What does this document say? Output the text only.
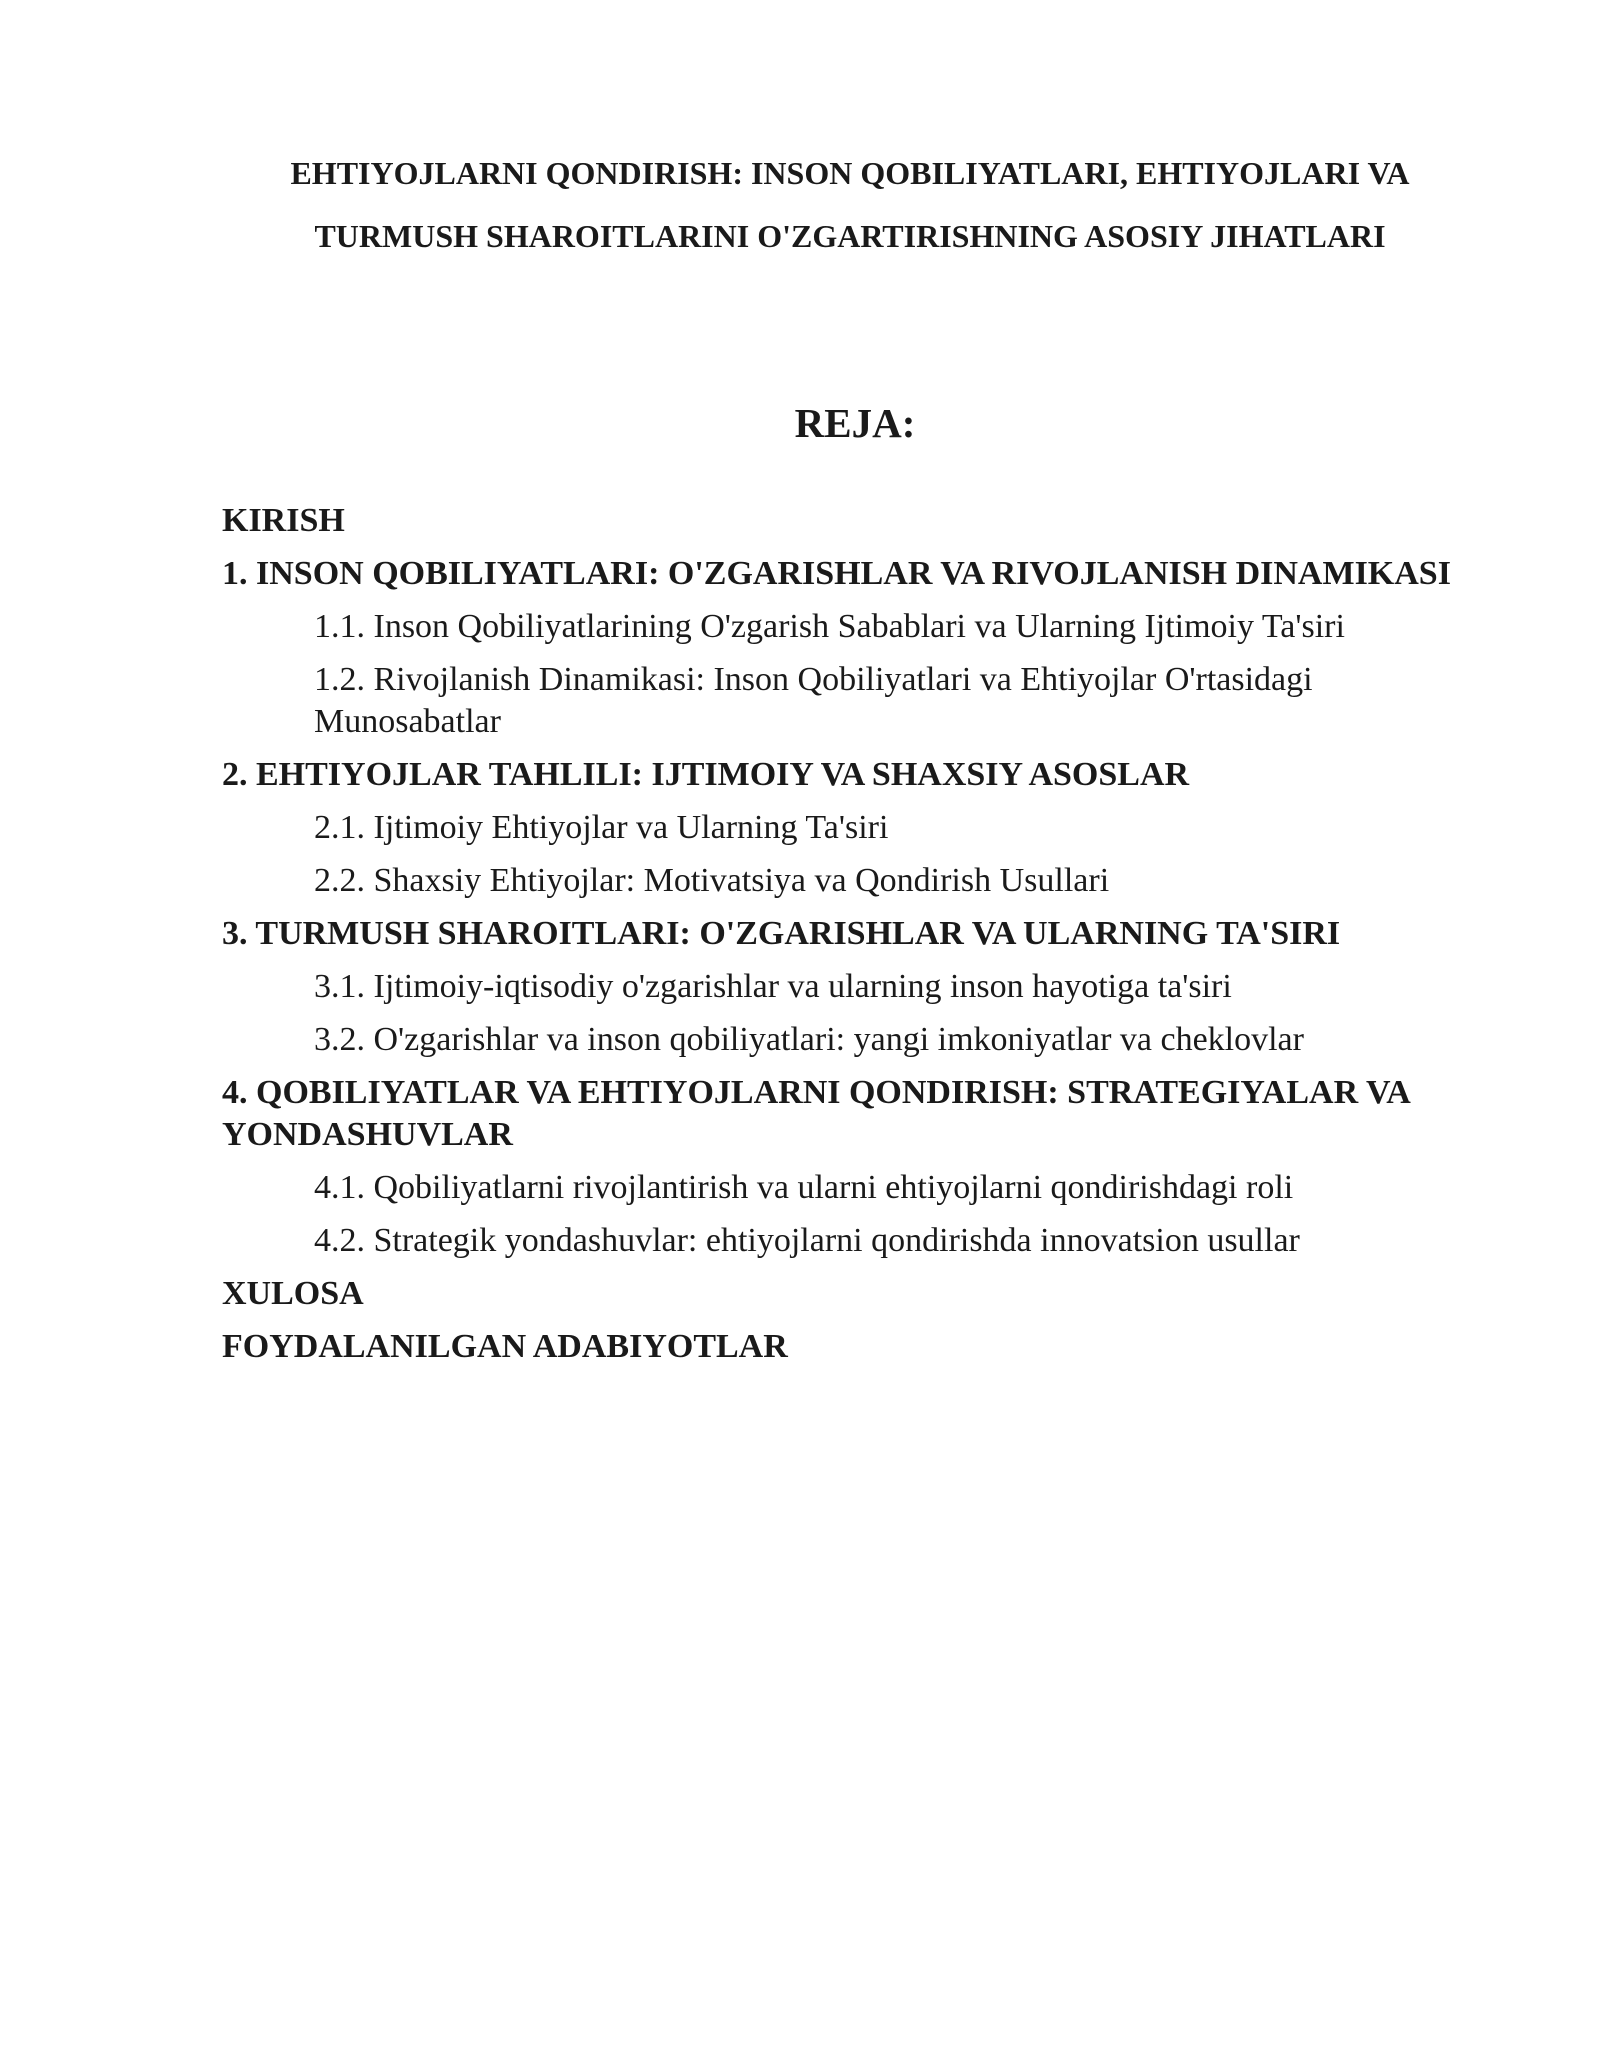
EHTIYOJLARNI QONDIRISH: INSON QOBILIYATLARI, EHTIYOJLARI VA TURMUSH SHAROITLARINI O'ZGARTIRISHNING ASOSIY JIHATLARI
REJA:
KIRISH
1. INSON QOBILIYATLARI: O'ZGARISHLAR VA RIVOJLANISH DINAMIKASI
1.1. Inson Qobiliyatlarining O'zgarish Sabablari va Ularning Ijtimoiy Ta'siri
1.2. Rivojlanish Dinamikasi: Inson Qobiliyatlari va Ehtiyojlar O'rtasidagi Munosabatlar
2. EHTIYOJLAR TAHLILI: IJTIMOIY VA SHAXSIY ASOSLAR
2.1. Ijtimoiy Ehtiyojlar va Ularning Ta'siri
2.2. Shaxsiy Ehtiyojlar: Motivatsiya va Qondirish Usullari
3. TURMUSH SHAROITLARI: O'ZGARISHLAR VA ULARNING TA'SIRI
3.1. Ijtimoiy-iqtisodiy o'zgarishlar va ularning inson hayotiga ta'siri
3.2. O'zgarishlar va inson qobiliyatlari: yangi imkoniyatlar va cheklovlar
4. QOBILIYATLAR VA EHTIYOJLARNI QONDIRISH: STRATEGIYALAR VA YONDASHUVLAR
4.1. Qobiliyatlarni rivojlantirish va ularni ehtiyojlarni qondirishdagi roli
4.2. Strategik yondashuvlar: ehtiyojlarni qondirishda innovatsion usullar
XULOSA
FOYDALANILGAN ADABIYOTLAR
